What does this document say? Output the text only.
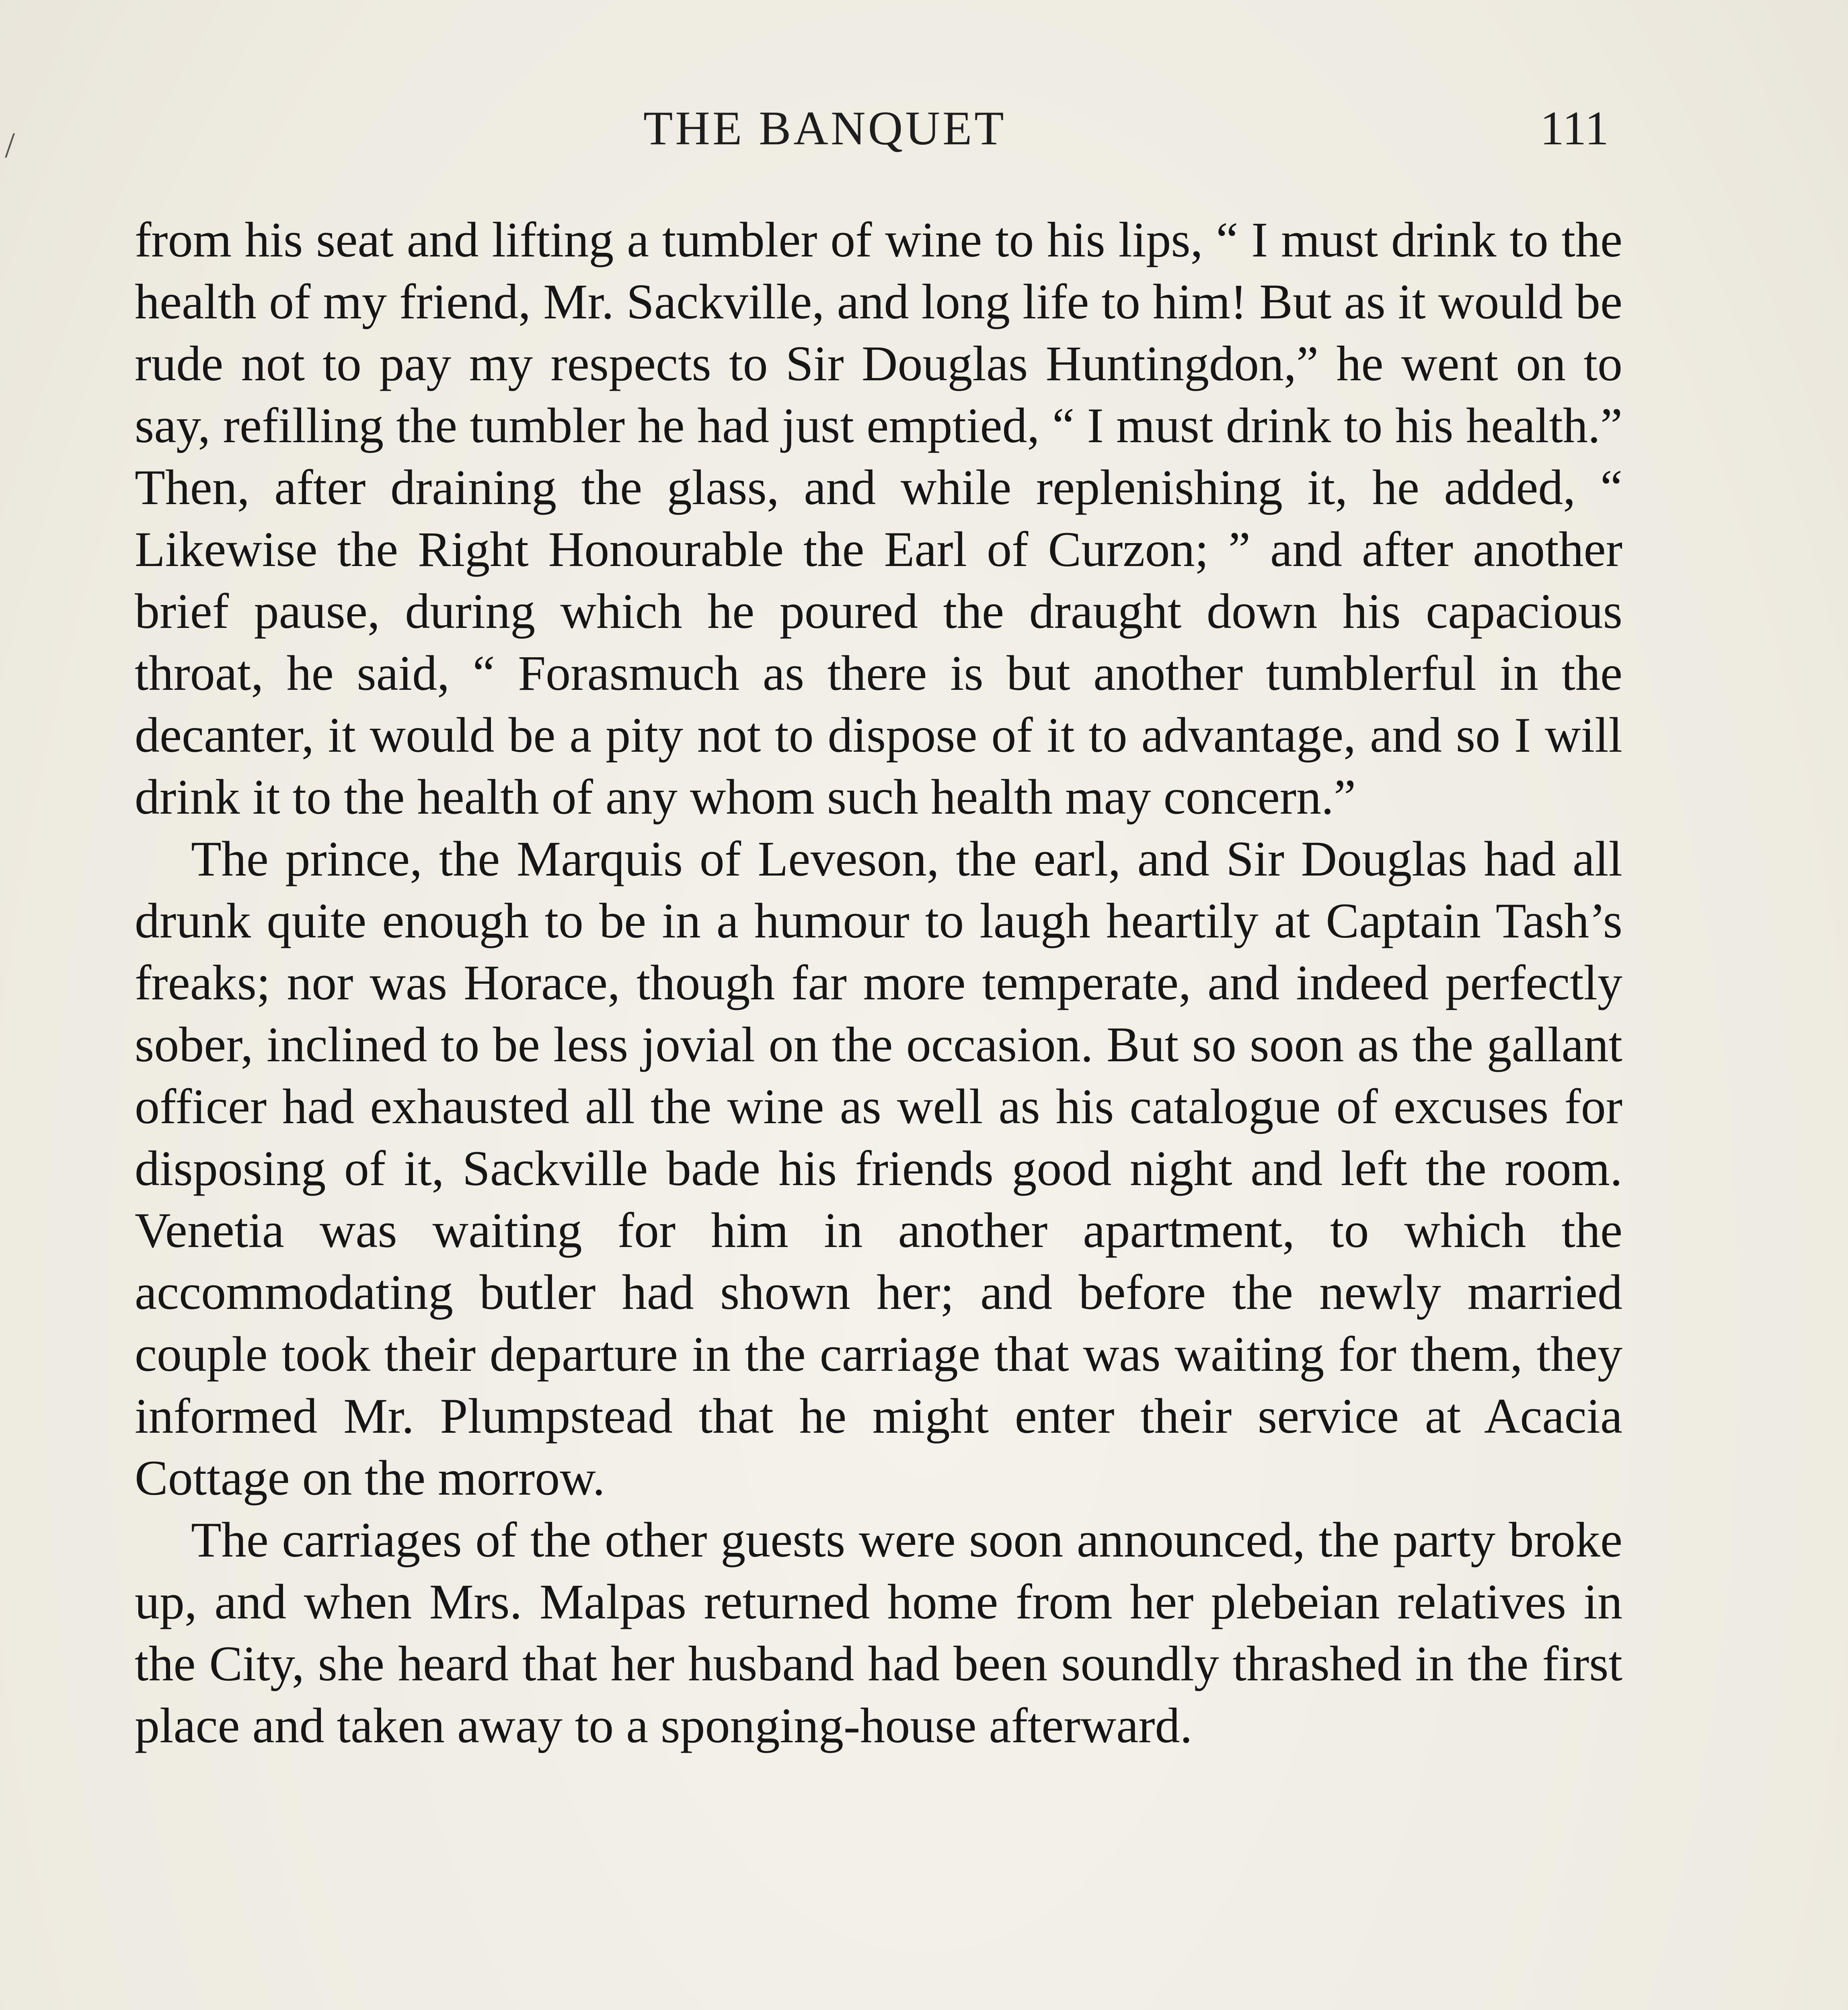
THE BANQUET	111

from his seat and lifting a tumbler of wine to his lips, “ I must drink to the health of my friend, Mr. Sackville, and long life to him! But as it would be rude not to pay my respects to Sir Douglas Huntingdon,” he went on to say, refilling the tumbler he had just emptied, “ I must drink to his health.” Then, after draining the glass, and while replenishing it, he added, “ Likewise the Right Honourable the Earl of Curzon; ” and after another brief pause, during which he poured the draught down his capacious throat, he said, “ Forasmuch as there is but another tumblerful in the decanter, it would be a pity not to dispose of it to advantage, and so I will drink it to the health of any whom such health may concern.”

The prince, the Marquis of Leveson, the earl, and Sir Douglas had all drunk quite enough to be in a humour to laugh heartily at Captain Tash’s freaks; nor was Horace, though far more temperate, and indeed perfectly sober, inclined to be less jovial on the occasion. But so soon as the gallant officer had exhausted all the wine as well as his catalogue of excuses for disposing of it, Sackville bade his friends good night and left the room. Venetia was waiting for him in another apartment, to which the accommodating butler had shown her; and before the newly married couple took their departure in the carriage that was waiting for them, they informed Mr. Plumpstead that he might enter their service at Acacia Cottage on the morrow.

The carriages of the other guests were soon announced, the party broke up, and when Mrs. Malpas returned home from her plebeian relatives in the City, she heard that her husband had been soundly thrashed in the first place and taken away to a sponging-house afterward.

/
